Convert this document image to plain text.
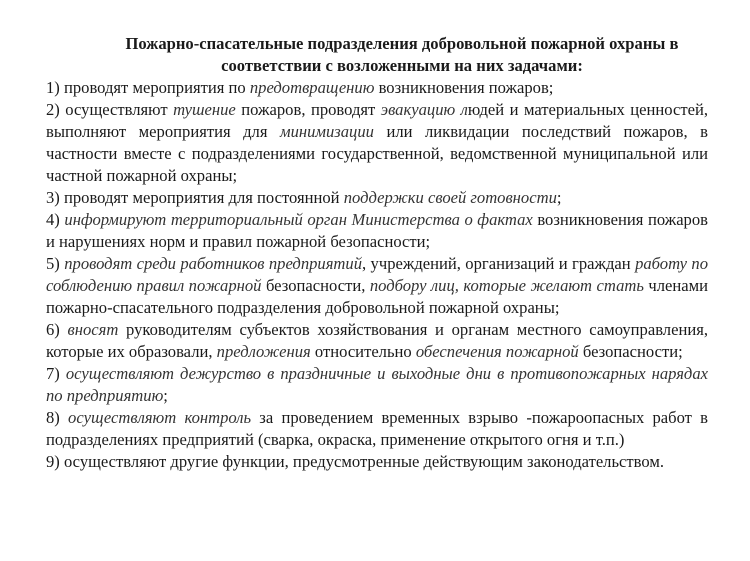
Пожарно-спасательные подразделения добровольной пожарной охраны в соответствии с возложенными на них задачами:

1) проводят мероприятия по предотвращению возникновения пожаров;

2) осуществляют тушение пожаров, проводят эвакуацию людей и материальных ценностей, выполняют мероприятия для минимизации или ликвидации последствий пожаров, в частности вместе с подразделениями государственной, ведомственной муниципальной или частной пожарной охраны;

3) проводят мероприятия для постоянной поддержки своей готовности;

4) информируют территориальный орган Министерства о фактах возникновения пожаров и нарушениях норм и правил пожарной безопасности;

5) проводят среди работников предприятий, учреждений, организаций и граждан работу по соблюдению правил пожарной безопасности, подбору лиц, которые желают стать членами пожарно-спасательного подразделения добровольной пожарной охраны;

6) вносят руководителям субъектов хозяйствования и органам местного самоуправления, которые их образовали, предложения относительно обеспечения пожарной безопасности;

7) осуществляют дежурство в праздничные и выходные дни в противопожарных нарядах по предприятию;

8) осуществляют контроль за проведением временных взрыво -пожароопасных работ в подразделениях предприятий (сварка, окраска, применение открытого огня и т.п.)

9) осуществляют другие функции, предусмотренные действующим законодательством.
